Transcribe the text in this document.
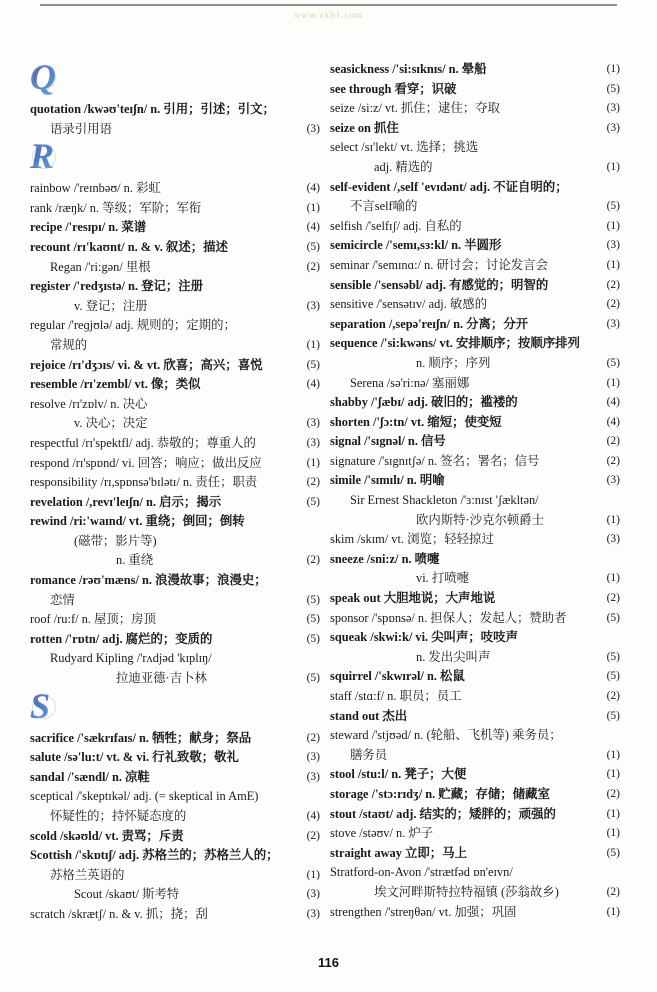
www.xkb1.com
Q
quotation /kwəʊ'teɪʃn/ n. 引用；引述；引文；
语录引用语	(3)
R
rainbow /'reɪnbəʊ/ n. 彩虹	(4)
rank /ræŋk/ n. 等级；军阶；军衔	(1)
recipe /'resɪpɪ/ n. 菜谱	(4)
recount /rɪ'kaʊnt/ n. & v. 叙述；描述	(5)
Regan /'ri:gən/ 里根	(2)
register /'redʒɪstə/ n. 登记；注册
v. 登记；注册	(3)
regular /'reɡjʊlə/ adj. 规则的；定期的；
常规的	(1)
rejoice /rɪ'dʒɔɪs/ vi. & vt. 欣喜；高兴；喜悦	(5)
resemble /rɪ'zembl/ vt. 像；类似	(4)
resolve /rɪ'zɒlv/ n. 决心
v. 决心；决定	(3)
respectful /rɪ'spektfl/ adj. 恭敬的；尊重人的	(3)
respond /rɪ'spɒnd/ vi. 回答；响应；做出反应	(1)
responsibility /rɪ,spɒnsə'bɪlətɪ/ n. 责任；职责	(2)
revelation /,revɪ'leɪʃn/ n. 启示；揭示	(5)
rewind /ri:'waɪnd/ vt. 重绕；倒回；倒转
(磁带；影片等)
n. 重绕	(2)
romance /rəʊ'mæns/ n. 浪漫故事；浪漫史；
恋情	(5)
roof /ru:f/ n. 屋顶；房顶	(5)
rotten /'rɒtn/ adj. 腐烂的；变质的	(5)
Rudyard Kipling /'rʌdjəd 'kɪplɪŋ/
拉迪亚德·吉卜林	(5)
S
sacrifice /'sækrɪfaɪs/ n. 牺牲；献身；祭品	(2)
salute /sə'lu:t/ vt. & vi. 行礼致敬；敬礼	(3)
sandal /'sændl/ n. 凉鞋	(3)
sceptical /'skeptɪkəl/ adj. (= skeptical in AmE)
怀疑性的；持怀疑态度的	(4)
scold /skəʊld/ vt. 责骂；斥责	(2)
Scottish /'skɒtɪʃ/ adj. 苏格兰的；苏格兰人的；
苏格兰英语的	(1)
Scout /skaʊt/ 斯考特	(3)
scratch /skrætʃ/ n. & v. 抓；挠；刮	(3)
seasickness /'si:sɪknɪs/ n. 晕船	(1)
see through 看穿；识破	(5)
seize /si:z/ vt. 抓住；逮住；夺取	(3)
seize on 抓住	(3)
select /sɪ'lekt/ vt. 选择；挑选
adj. 精选的	(1)
self-evident /,self 'evɪdənt/ adj. 不证自明的；
不言self喻的	(5)
selfish /'selfɪʃ/ adj. 自私的	(1)
semicircle /'semɪ,sɜ:kl/ n. 半圆形	(3)
seminar /'semɪnɑ:/ n. 研讨会；讨论发言会	(1)
sensible /'sensəbl/ adj. 有感觉的；明智的	(2)
sensitive /'sensətɪv/ adj. 敏感的	(2)
separation /,sepə'reɪʃn/ n. 分离；分开	(3)
sequence /'si:kwəns/ vt. 安排顺序；按顺序排列
n. 顺序；序列	(5)
Serena /sə'ri:nə/ 塞丽娜	(1)
shabby /'ʃæbɪ/ adj. 破旧的；褴褛的	(4)
shorten /'ʃɔ:tn/ vt. 缩短；使变短	(4)
signal /'sɪgnəl/ n. 信号	(2)
signature /'sɪgnɪtʃə/ n. 签名；署名；信号	(2)
simile /'sɪmɪlɪ/ n. 明喻	(3)
Sir Ernest Shackleton /'ɜ:nɪst 'ʃækltən/
欧内斯特·沙克尔顿爵士	(1)
skim /skɪm/ vt. 浏览；轻轻掠过	(3)
sneeze /sni:z/ n. 喷嚏
vi. 打喷嚏	(1)
speak out 大胆地说；大声地说	(2)
sponsor /'spɒnsə/ n. 担保人；发起人；赞助者	(5)
squeak /skwi:k/ vi. 尖叫声；吱吱声
n. 发出尖叫声	(5)
squirrel /'skwɪrəl/ n. 松鼠	(5)
staff /stɑ:f/ n. 职员；员工	(2)
stand out 杰出	(5)
steward /'stjʊəd/ n. (轮船、飞机等) 乘务员；
膳务员	(1)
stool /stu:l/ n. 凳子；大便	(1)
storage /'stɔ:rɪdʒ/ n. 贮藏；存储；储藏室	(2)
stout /staʊt/ adj. 结实的；矮胖的；顽强的	(1)
stove /stəʊv/ n. 炉子	(1)
straight away 立即；马上	(5)
Stratford-on-Avon /'strætfəd ɒn'eɪvn/
埃文河畔斯特拉特福镇 (莎翁故乡)	(2)
strengthen /'streŋθən/ vt. 加强；巩固	(1)
116
